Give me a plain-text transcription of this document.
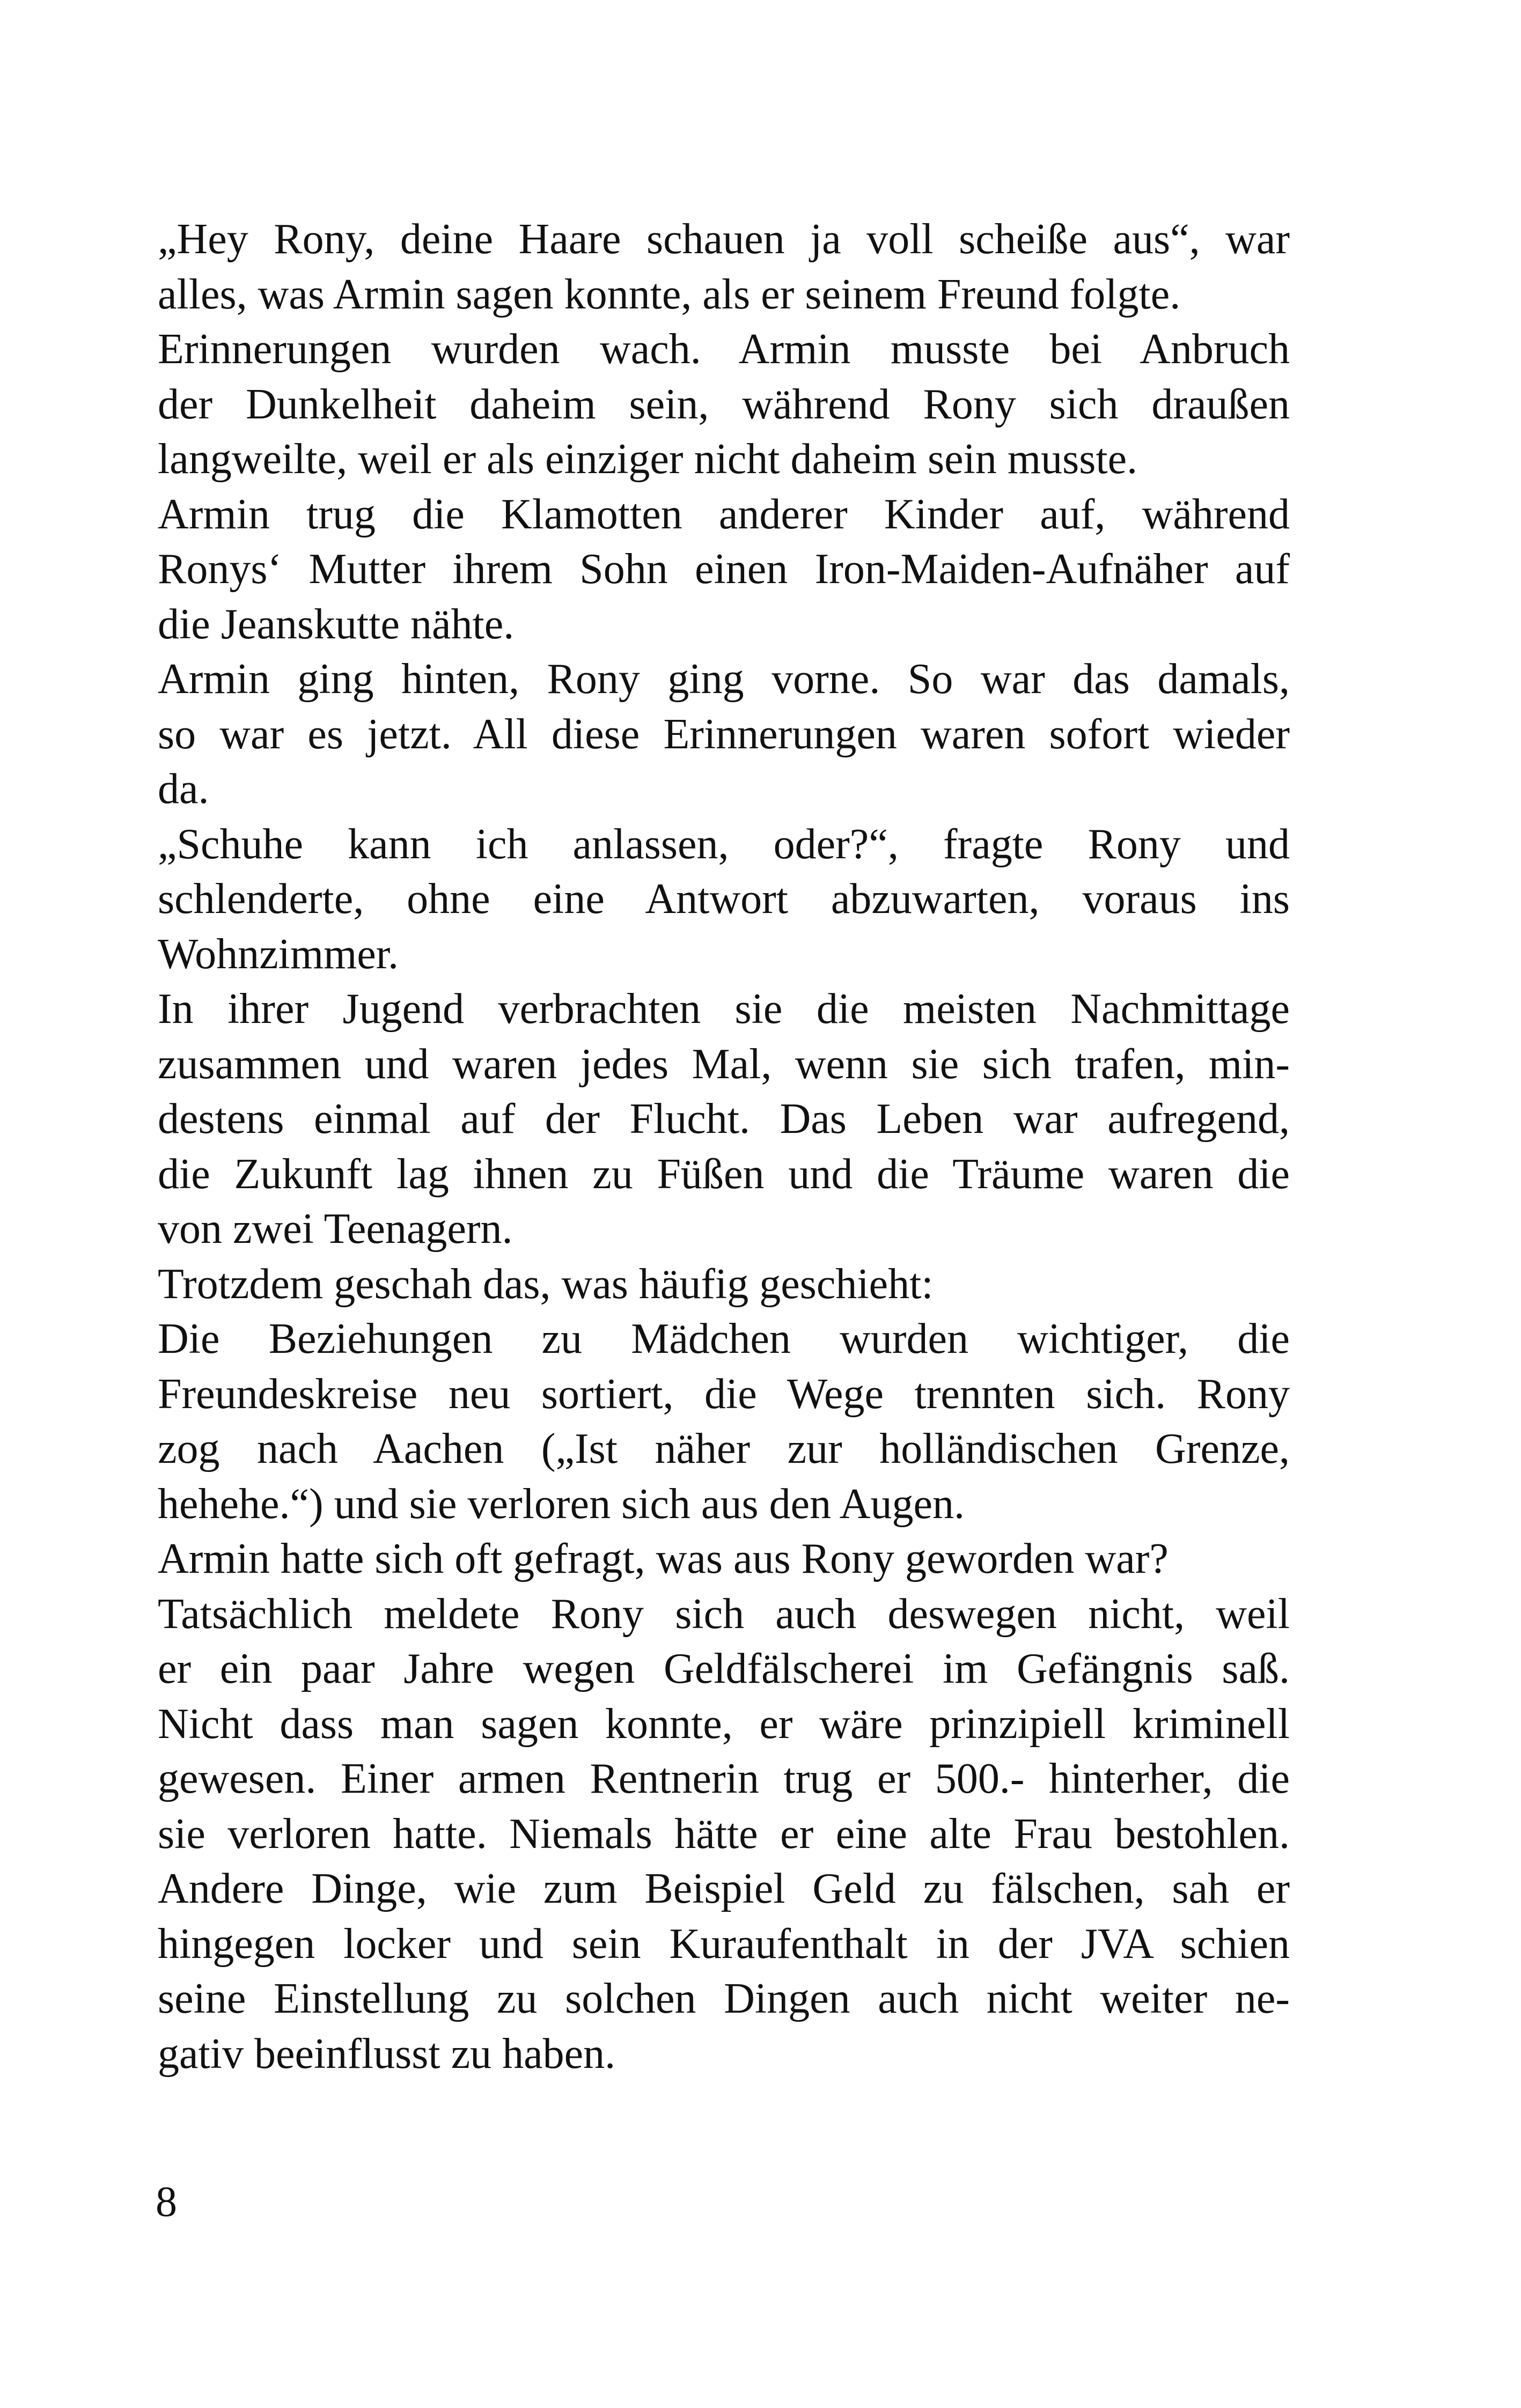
„Hey Rony, deine Haare schauen ja voll scheiße aus“, war
alles, was Armin sagen konnte, als er seinem Freund folgte.

Erinnerungen wurden wach. Armin musste bei Anbruch
der Dunkelheit daheim sein, während Rony sich draußen
langweilte, weil er als einziger nicht daheim sein musste.

Armin trug die Klamotten anderer Kinder auf, während
Ronys‘ Mutter ihrem Sohn einen Iron-Maiden-Aufnäher auf
die Jeanskutte nähte.

Armin ging hinten, Rony ging vorne. So war das damals,
so war es jetzt. All diese Erinnerungen waren sofort wieder
da.

„Schuhe kann ich anlassen, oder?“, fragte Rony und
schlenderte, ohne eine Antwort abzuwarten, voraus ins
Wohnzimmer.

In ihrer Jugend verbrachten sie die meisten Nachmittage
zusammen und waren jedes Mal, wenn sie sich trafen, min-
destens einmal auf der Flucht. Das Leben war aufregend,
die Zukunft lag ihnen zu Füßen und die Träume waren die
von zwei Teenagern.

Trotzdem geschah das, was häufig geschieht:

Die Beziehungen zu Mädchen wurden wichtiger, die
Freundeskreise neu sortiert, die Wege trennten sich. Rony
zog nach Aachen („Ist näher zur holländischen Grenze,
hehehe.“) und sie verloren sich aus den Augen.

Armin hatte sich oft gefragt, was aus Rony geworden war?

Tatsächlich meldete Rony sich auch deswegen nicht, weil
er ein paar Jahre wegen Geldfälscherei im Gefängnis saß.
Nicht dass man sagen konnte, er wäre prinzipiell kriminell
gewesen. Einer armen Rentnerin trug er 500.- hinterher, die
sie verloren hatte. Niemals hätte er eine alte Frau bestohlen.
Andere Dinge, wie zum Beispiel Geld zu fälschen, sah er
hingegen locker und sein Kuraufenthalt in der JVA schien
seine Einstellung zu solchen Dingen auch nicht weiter ne-
gativ beeinflusst zu haben.

8
